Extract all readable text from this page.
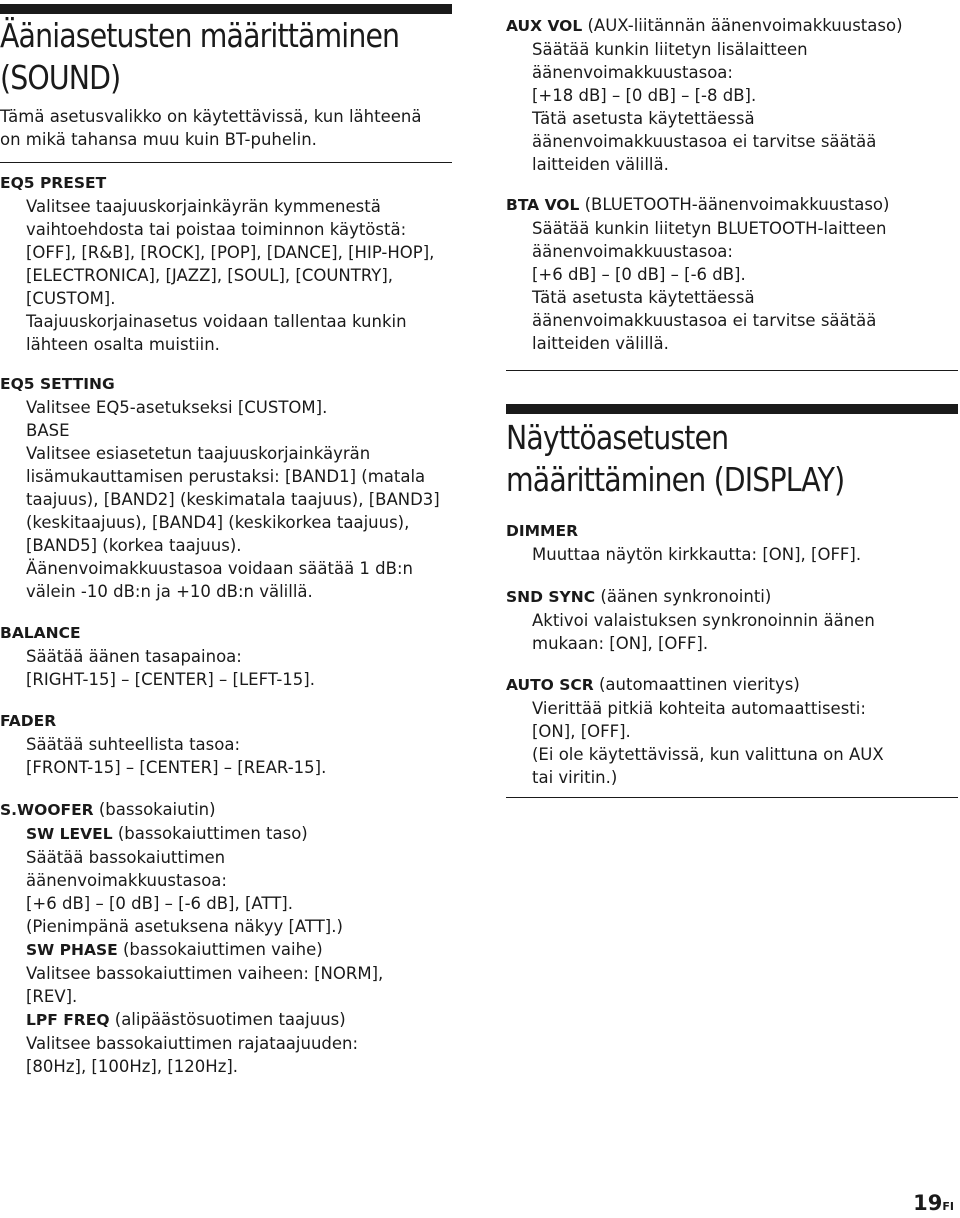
Ääniasetusten määrittäminen
(SOUND)

Tämä asetusvalikko on käytettävissä, kun lähteenä

on mikä tahansa muu kuin BT-puhelin.

EQ5 PRESET

Valitsee taajuuskorjainkäyrän kymmenestä

vaihtoehdosta tai poistaa toiminnon käytöstä:

[OFF], [R&B], [ROCK], [POP], [DANCE], [HIP-HOP],

[ELECTRONICA], [JAZZ], [SOUL], [COUNTRY],

[CUSTOM].

Taajuuskorjainasetus voidaan tallentaa kunkin

lähteen osalta muistiin.

EQ5 SETTING

Valitsee EQ5-asetukseksi [CUSTOM].

BASE

Valitsee esiasetetun taajuuskorjainkäyrän

lisämukauttamisen perustaksi: [BAND1] (matala

taajuus), [BAND2] (keskimatala taajuus), [BAND3]

(keskitaajuus), [BAND4] (keskikorkea taajuus),

[BAND5] (korkea taajuus).

Äänenvoimakkuustasoa voidaan säätää 1 dB:n

välein -10 dB:n ja +10 dB:n välillä.

BALANCE

Säätää äänen tasapainoa:

[RIGHT-15] – [CENTER] – [LEFT-15].

FADER

Säätää suhteellista tasoa:

[FRONT-15] – [CENTER] – [REAR-15].

S.WOOFER (bassokaiutin)

SW LEVEL (bassokaiuttimen taso)

Säätää bassokaiuttimen

äänenvoimakkuustasoa:

[+6 dB] – [0 dB] – [-6 dB], [ATT].

(Pienimpänä asetuksena näkyy [ATT].)

SW PHASE (bassokaiuttimen vaihe)

Valitsee bassokaiuttimen vaiheen: [NORM],

[REV].

LPF FREQ (alipäästösuotimen taajuus)

Valitsee bassokaiuttimen rajataajuuden:

[80Hz], [100Hz], [120Hz].

AUX VOL (AUX-liitännän äänenvoimakkuustaso)

Säätää kunkin liitetyn lisälaitteen

äänenvoimakkuustasoa:

[+18 dB] – [0 dB] – [-8 dB].

Tätä asetusta käytettäessä

äänenvoimakkuustasoa ei tarvitse säätää

laitteiden välillä.

BTA VOL (BLUETOOTH-äänenvoimakkuustaso)

Säätää kunkin liitetyn BLUETOOTH-laitteen

äänenvoimakkuustasoa:

[+6 dB] – [0 dB] – [-6 dB].

Tätä asetusta käytettäessä

äänenvoimakkuustasoa ei tarvitse säätää

laitteiden välillä.

Näyttöasetusten
määrittäminen (DISPLAY)

DIMMER

Muuttaa näytön kirkkautta: [ON], [OFF].

SND SYNC (äänen synkronointi)

Aktivoi valaistuksen synkronoinnin äänen

mukaan: [ON], [OFF].

AUTO SCR (automaattinen vieritys)

Vierittää pitkiä kohteita automaattisesti:

[ON], [OFF].

(Ei ole käytettävissä, kun valittuna on AUX

tai viritin.)

19FI
